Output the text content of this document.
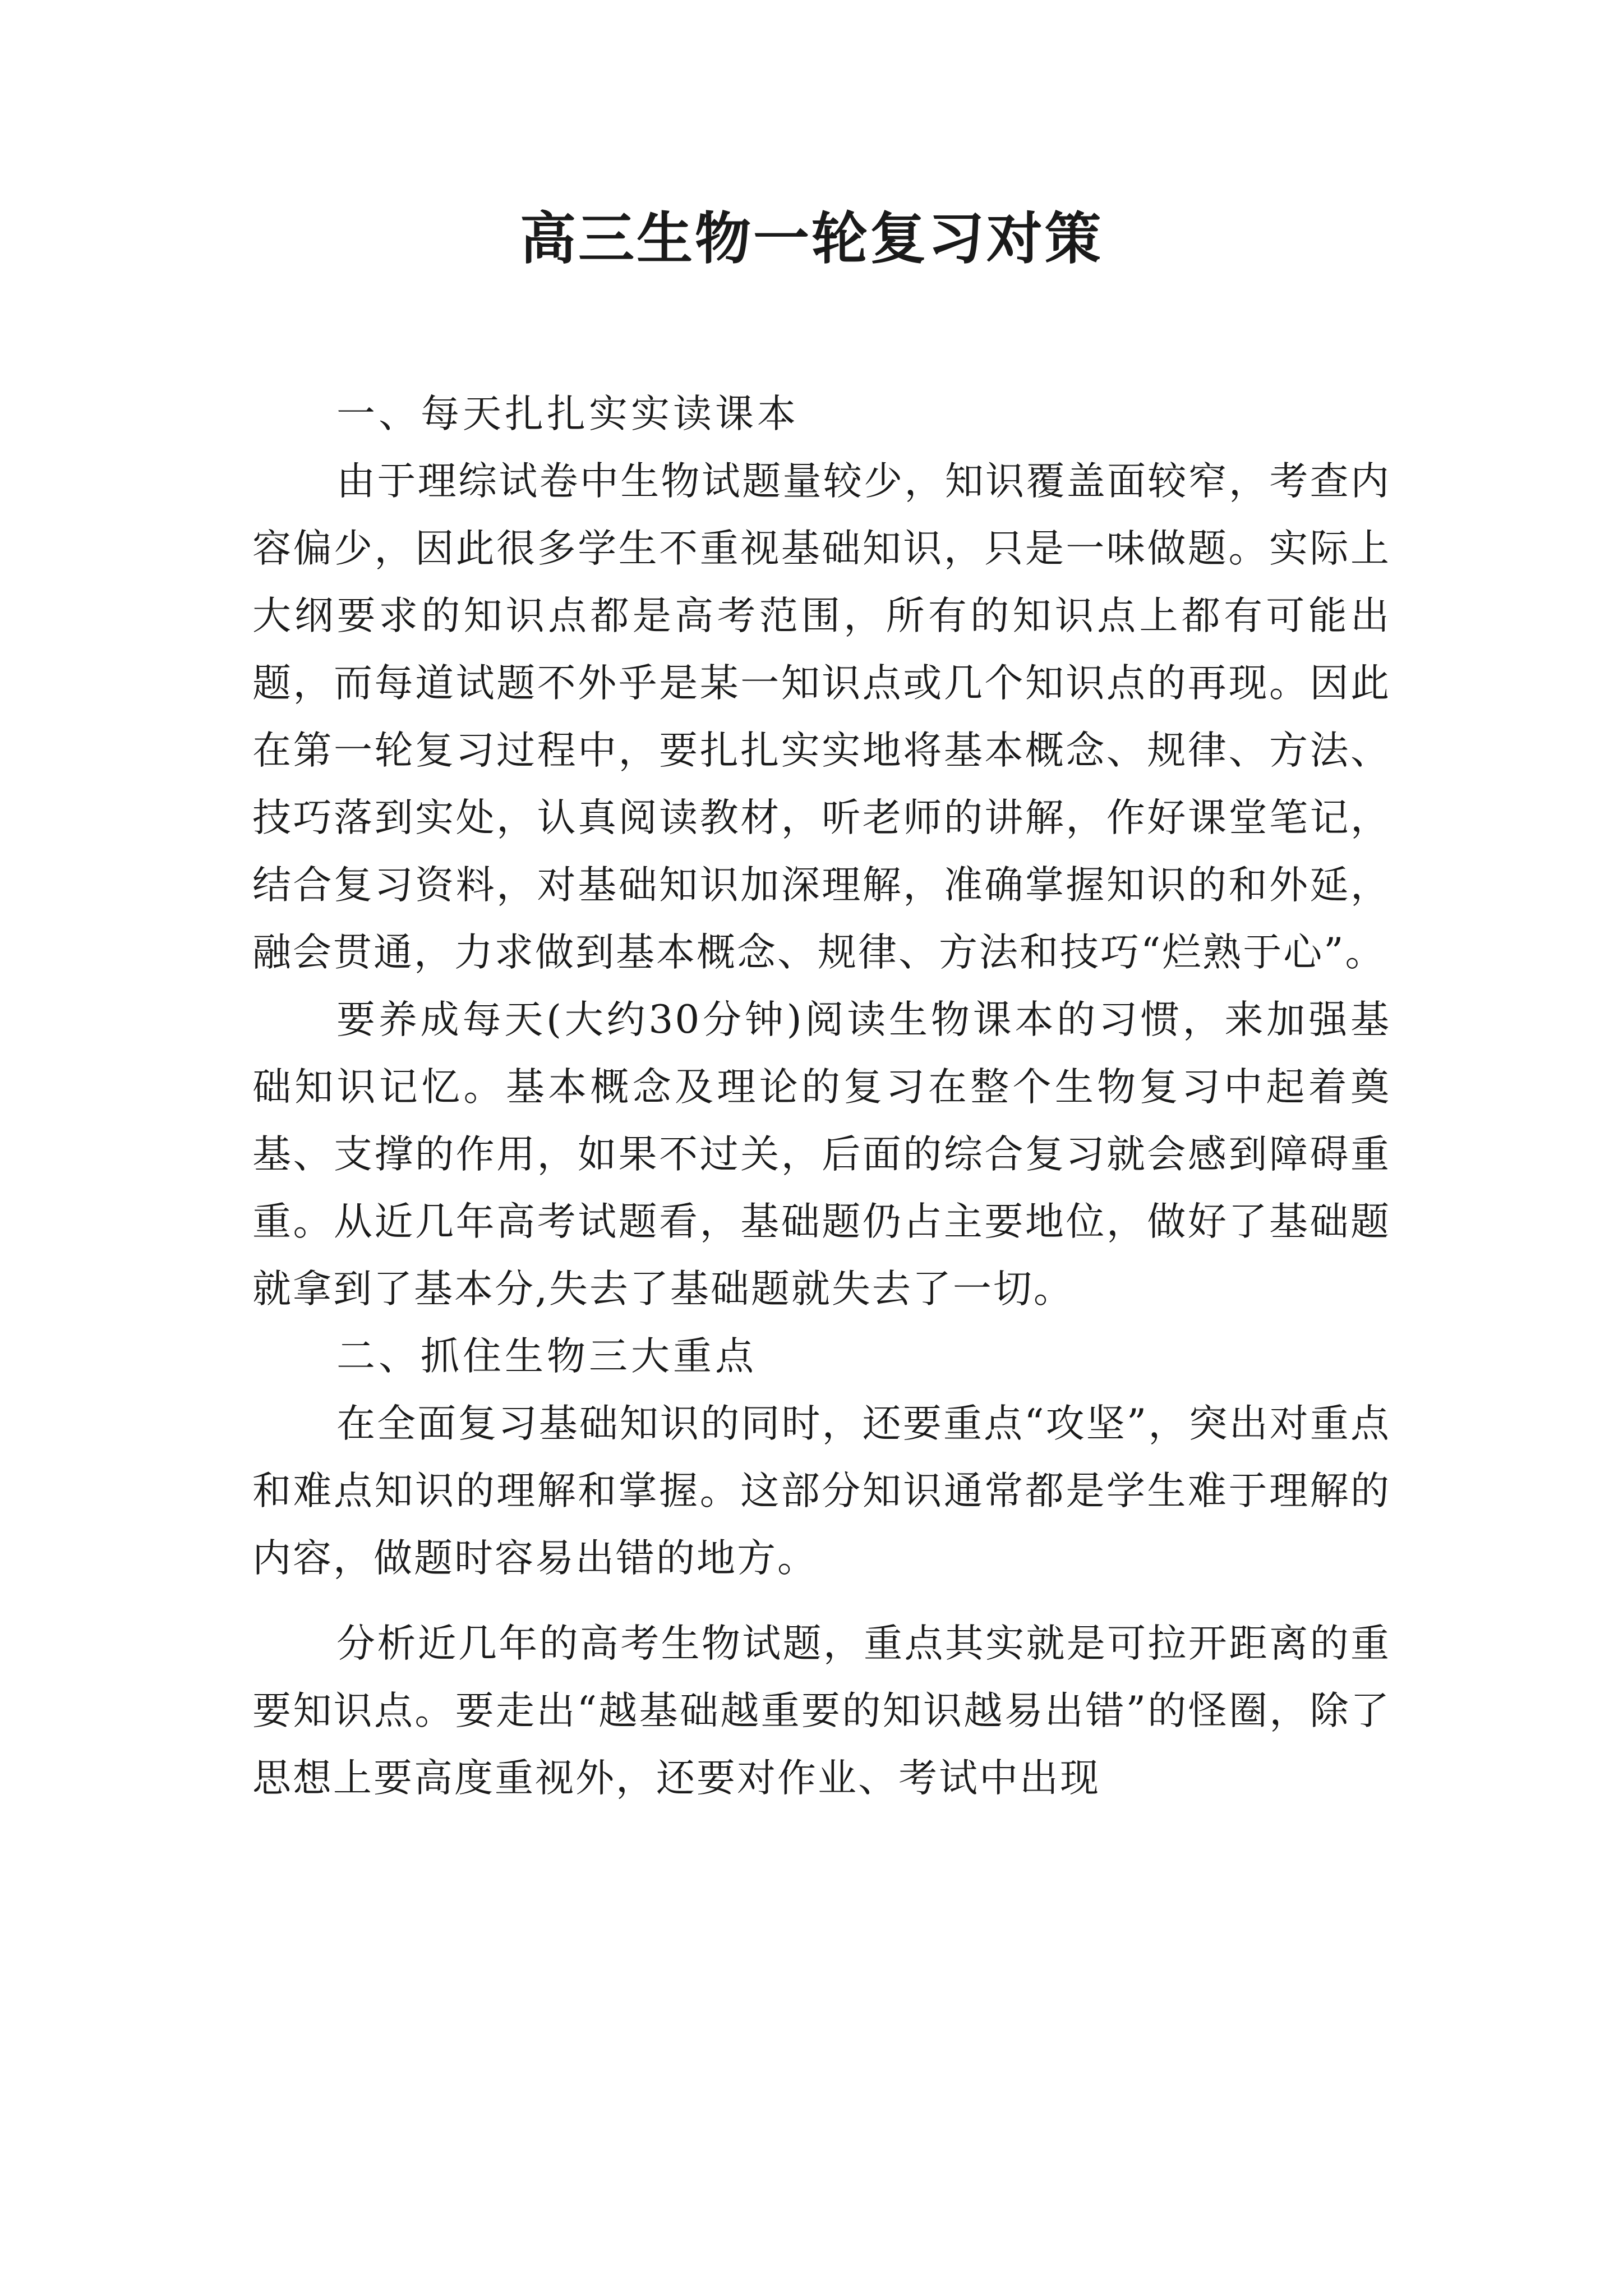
高三生物一轮复习对策

一、每天扎扎实实读课本

由于理综试卷中生物试题量较少，知识覆盖面较窄，考查内容偏少，因此很多学生不重视基础知识，只是一味做题。实际上大纲要求的知识点都是高考范围，所有的知识点上都有可能出题，而每道试题不外乎是某一知识点或几个知识点的再现。因此在第一轮复习过程中，要扎扎实实地将基本概念、规律、方法、技巧落到实处，认真阅读教材，听老师的讲解，作好课堂笔记，结合复习资料，对基础知识加深理解，准确掌握知识的和外延，融会贯通，力求做到基本概念、规律、方法和技巧“烂熟于心”。

要养成每天(大约30分钟)阅读生物课本的习惯，来加强基础知识记忆。基本概念及理论的复习在整个生物复习中起着奠基、支撑的作用，如果不过关，后面的综合复习就会感到障碍重重。从近几年高考试题看，基础题仍占主要地位，做好了基础题就拿到了基本分,失去了基础题就失去了一切。

二、抓住生物三大重点

在全面复习基础知识的同时，还要重点“攻坚”，突出对重点和难点知识的理解和掌握。这部分知识通常都是学生难于理解的内容，做题时容易出错的地方。

分析近几年的高考生物试题，重点其实就是可拉开距离的重要知识点。要走出“越基础越重要的知识越易出错”的怪圈，除了思想上要高度重视外，还要对作业、考试中出现
